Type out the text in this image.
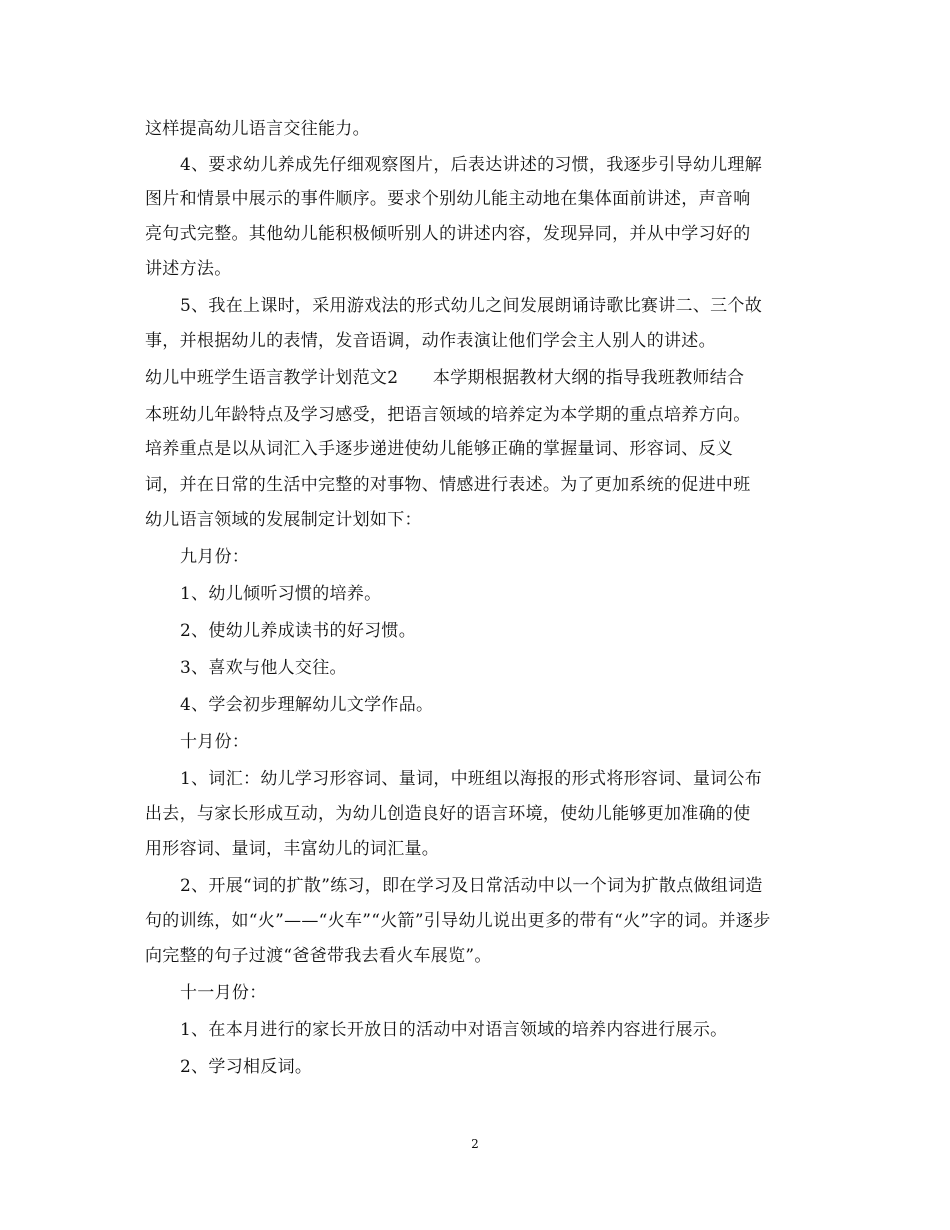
这样提高幼儿语言交往能力。
4、要求幼儿养成先仔细观察图片，后表达讲述的习惯，我逐步引导幼儿理解
图片和情景中展示的事件顺序。要求个别幼儿能主动地在集体面前讲述，声音响
亮句式完整。其他幼儿能积极倾听别人的讲述内容，发现异同，并从中学习好的
讲述方法。
5、我在上课时，采用游戏法的形式幼儿之间发展朗诵诗歌比赛讲二、三个故
事，并根据幼儿的表情，发音语调，动作表演让他们学会主人别人的讲述。
幼儿中班学生语言教学计划范文2　　本学期根据教材大纲的指导我班教师结合
本班幼儿年龄特点及学习感受，把语言领域的培养定为本学期的重点培养方向。
培养重点是以从词汇入手逐步递进使幼儿能够正确的掌握量词、形容词、反义
词，并在日常的生活中完整的对事物、情感进行表述。为了更加系统的促进中班
幼儿语言领域的发展制定计划如下：
九月份：
1、幼儿倾听习惯的培养。
2、使幼儿养成读书的好习惯。
3、喜欢与他人交往。
4、学会初步理解幼儿文学作品。
十月份：
1、词汇：幼儿学习形容词、量词，中班组以海报的形式将形容词、量词公布
出去，与家长形成互动，为幼儿创造良好的语言环境，使幼儿能够更加准确的使
用形容词、量词，丰富幼儿的词汇量。
2、开展“词的扩散”练习，即在学习及日常活动中以一个词为扩散点做组词造
句的训练，如“火”——“火车”“火箭”引导幼儿说出更多的带有“火”字的词。并逐步
向完整的句子过渡“爸爸带我去看火车展览”。
十一月份：
1、在本月进行的家长开放日的活动中对语言领域的培养内容进行展示。
2、学习相反词。
2
